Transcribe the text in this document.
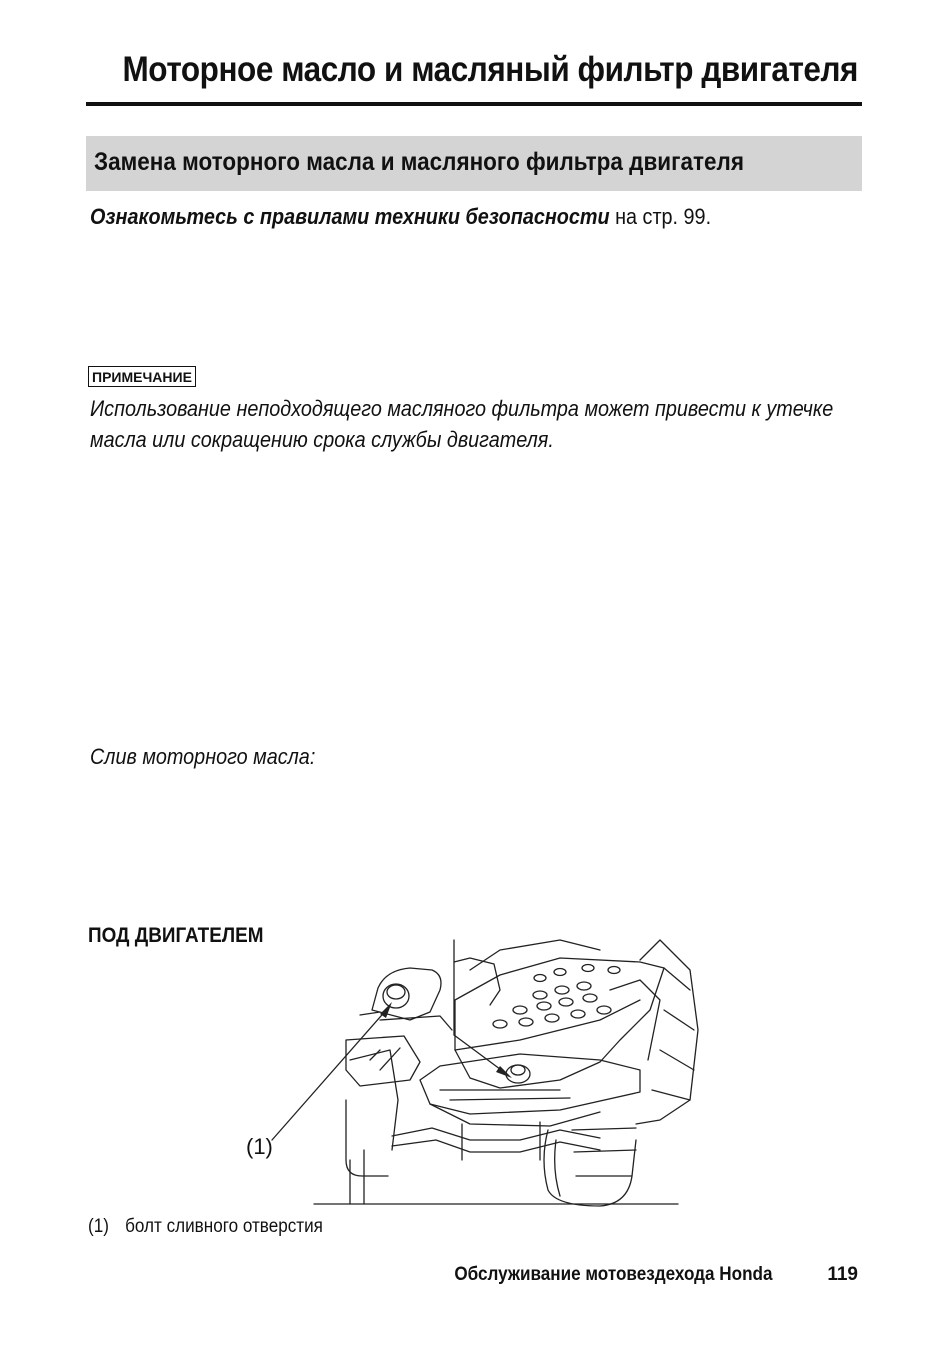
Моторное масло и масляный фильтр двигателя
Замена моторного масла и масляного фильтра двигателя
Ознакомьтесь с правилами техники безопасности на стр. 99.
ПРИМЕЧАНИЕ
Использование неподходящего масляного фильтра может привести к утечке
масла или сокращению срока службы двигателя.
Слив моторного масла:
ПОД ДВИГАТЕЛЕМ
(1)
(1) болт сливного отверстия
Обслуживание мотовездехода Honda	119
